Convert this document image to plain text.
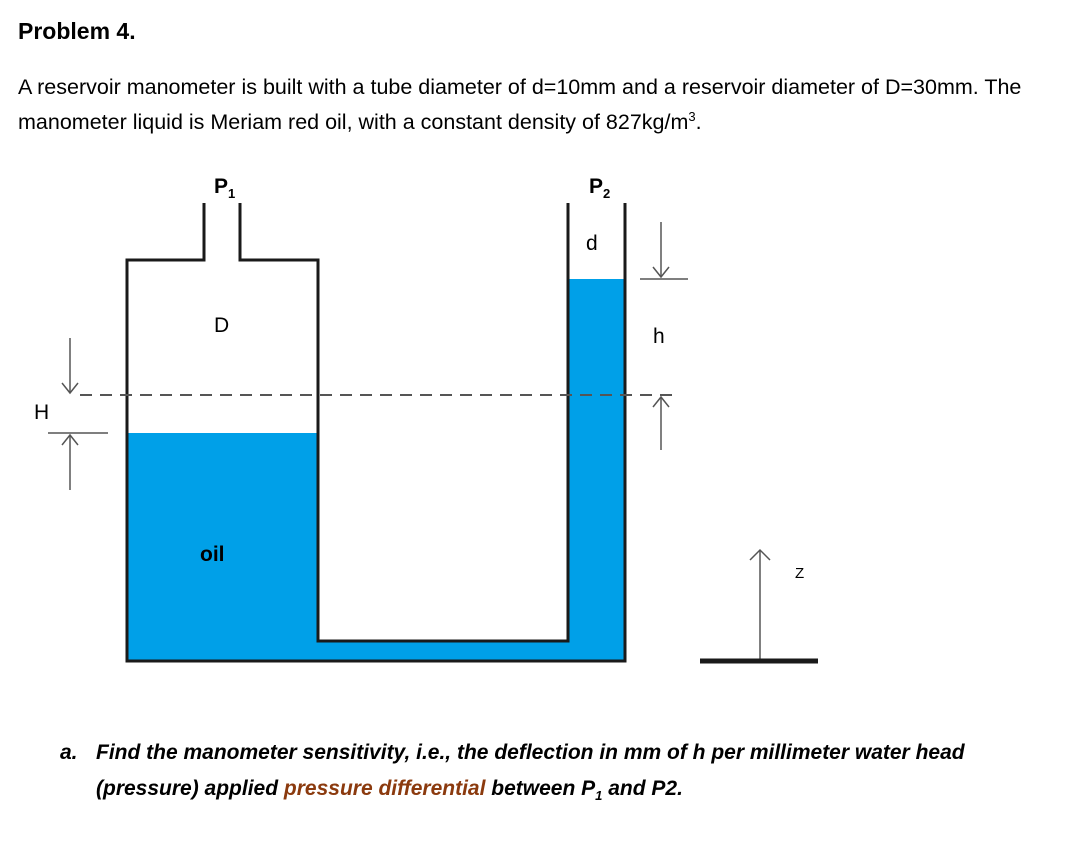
Problem 4.

A reservoir manometer is built with a tube diameter of d=10mm and a reservoir diameter of D=30mm. The manometer liquid is Meriam red oil, with a constant density of $827kg/m^3$.

$P_1$	$P_2$
d
D	h
H
oil
Z
a. Find the manometer sensitivity, i.e., the deflection in mm of h per millimeter water head (pressure) applied pressure differential between $P_1$ and P2.
